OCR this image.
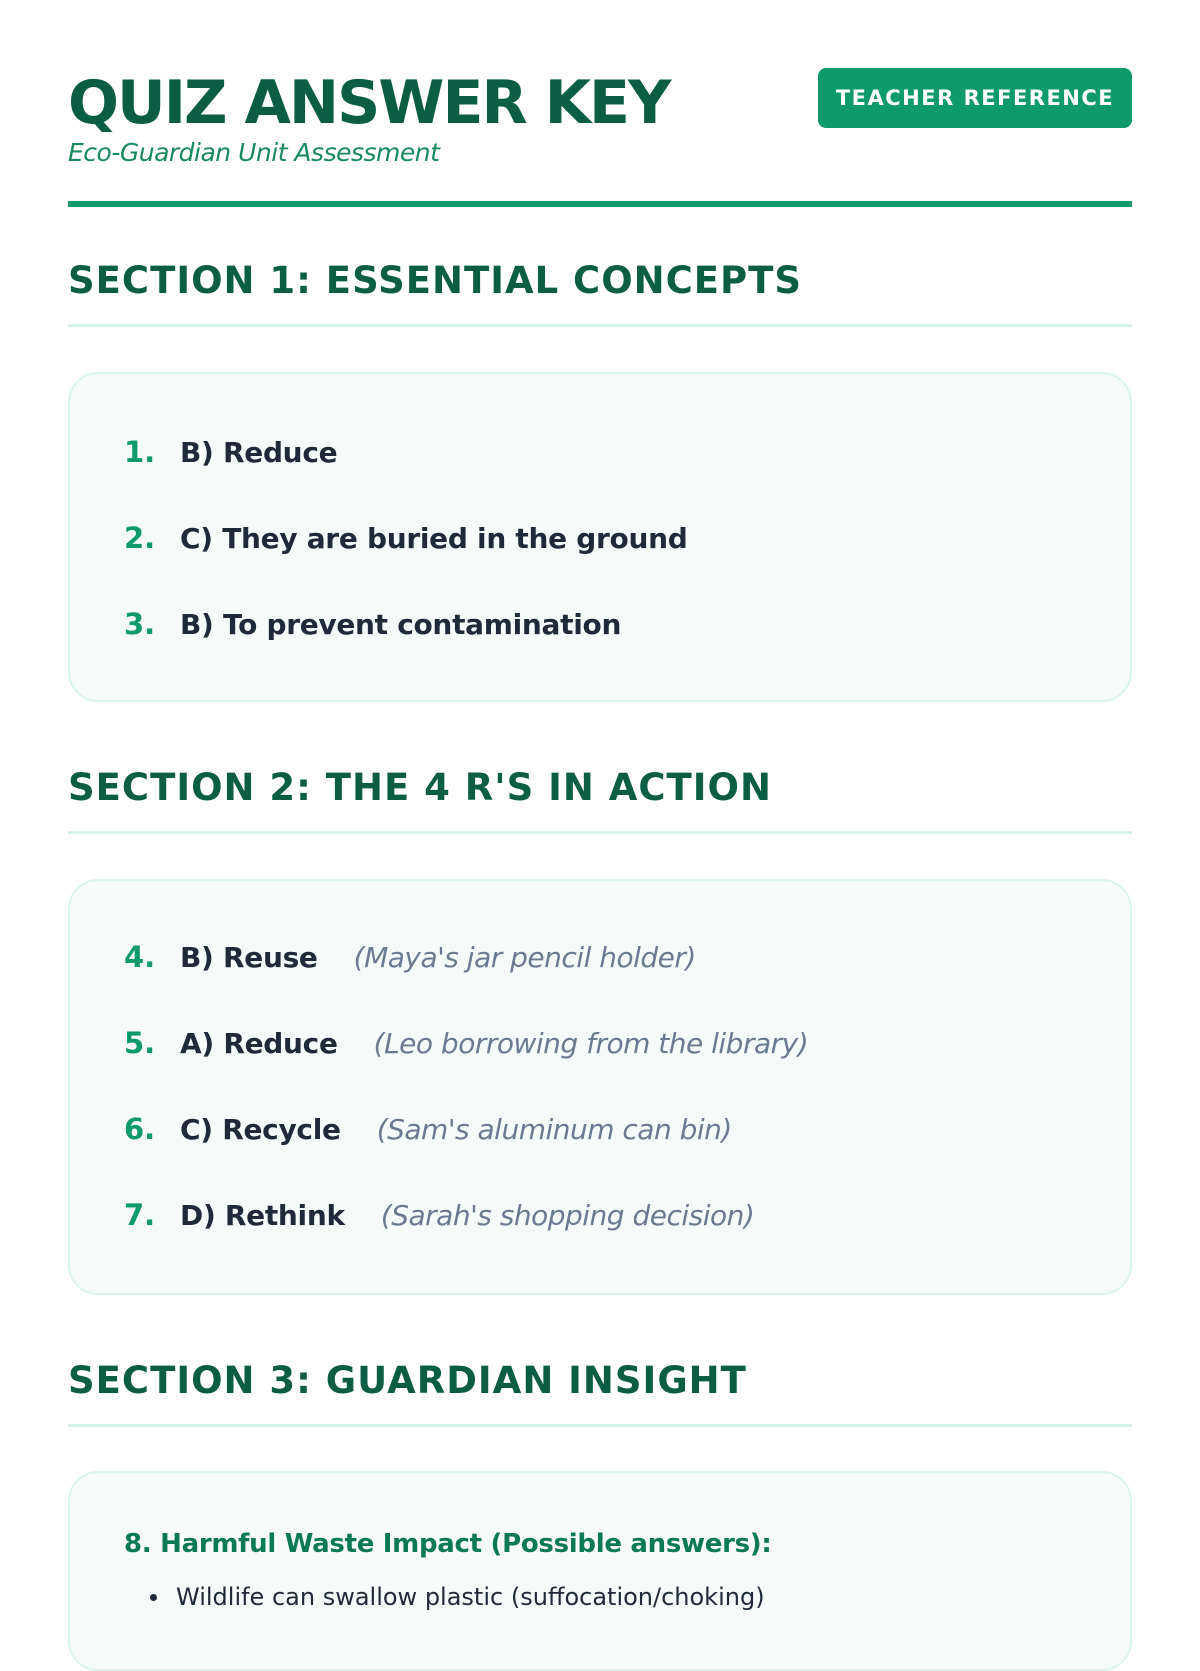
QUIZ ANSWER KEY
Eco-Guardian Unit Assessment
TEACHER REFERENCE
SECTION 1: ESSENTIAL CONCEPTS
1. B) Reduce
2. C) They are buried in the ground
3. B) To prevent contamination
SECTION 2: THE 4 R'S IN ACTION
4. B) Reuse (Maya's jar pencil holder)
5. A) Reduce (Leo borrowing from the library)
6. C) Recycle (Sam's aluminum can bin)
7. D) Rethink (Sarah's shopping decision)
SECTION 3: GUARDIAN INSIGHT
8. Harmful Waste Impact (Possible answers):
Wildlife can swallow plastic (suffocation/choking)
